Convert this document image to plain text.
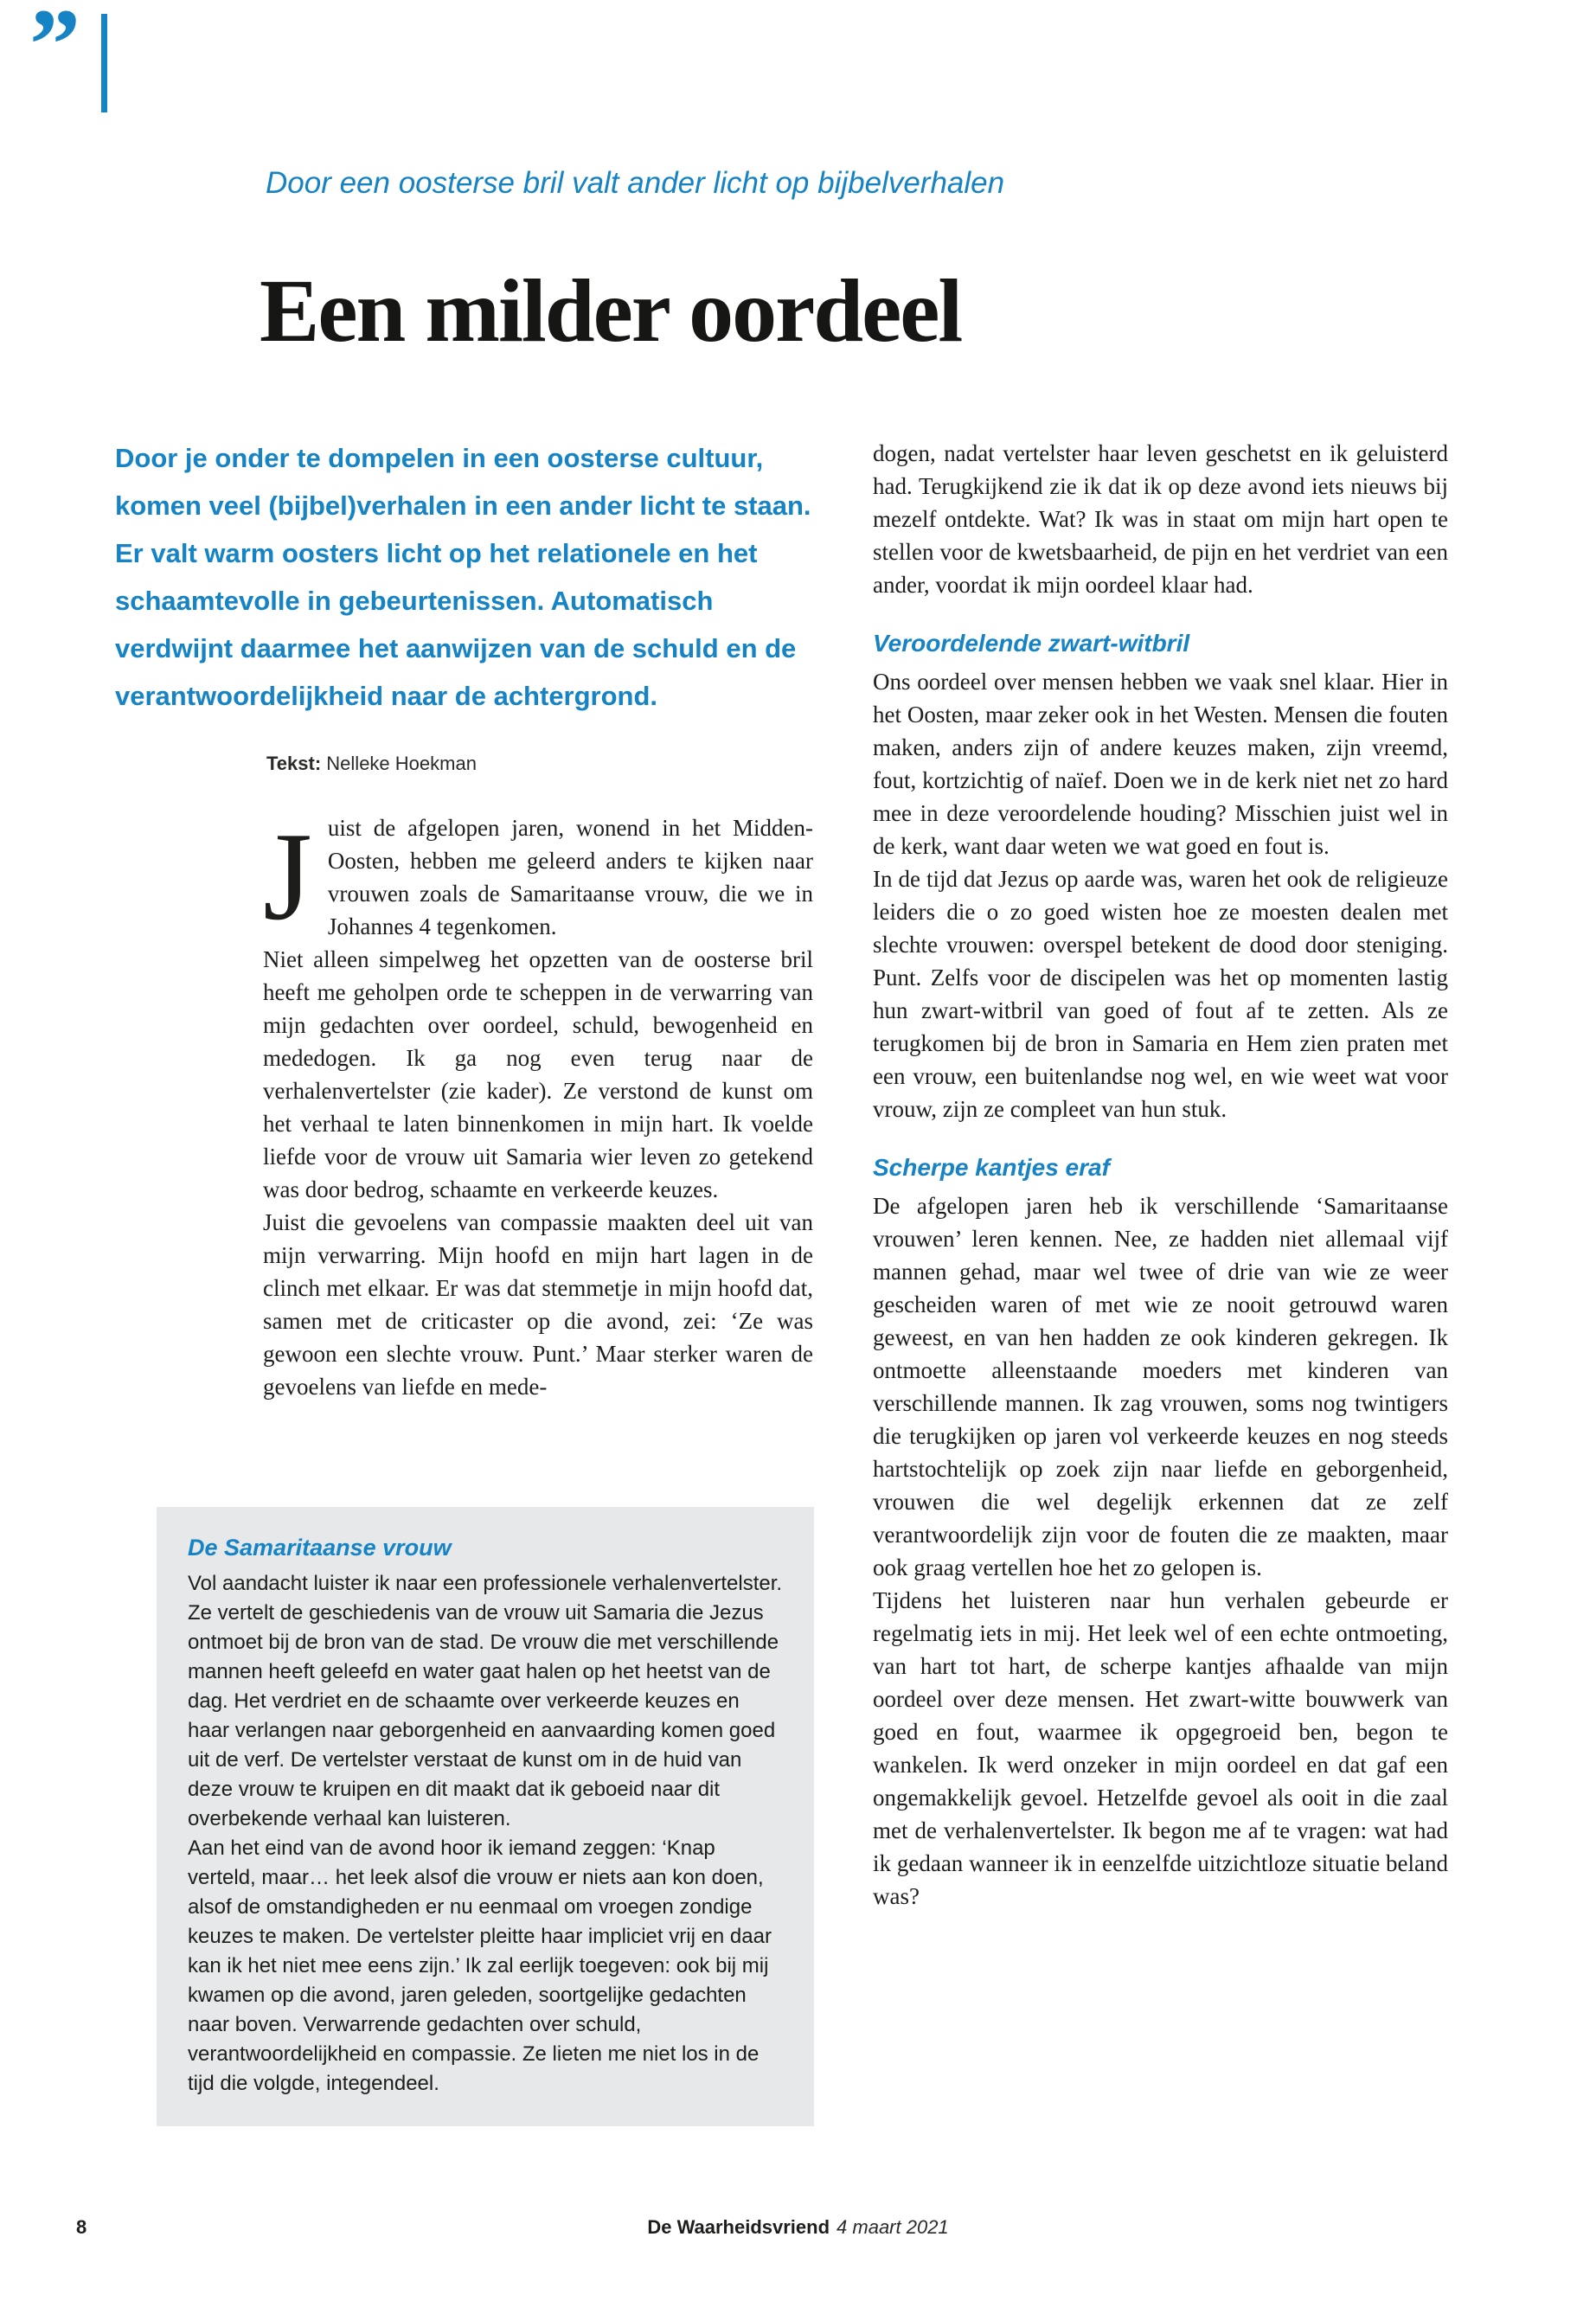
”
Door een oosterse bril valt ander licht op bijbelverhalen
Een milder oordeel

Door je onder te dompelen in een oosterse cultuur, komen veel (bijbel)verhalen in een ander licht te staan. Er valt warm oosters licht op het relationele en het schaamtevolle in gebeurtenissen. Automatisch verdwijnt daarmee het aanwijzen van de schuld en de verantwoordelijkheid naar de achtergrond.

Tekst: Nelleke Hoekman

Juist de afgelopen jaren, wonend in het Midden-Oosten, hebben me geleerd anders te kijken naar vrouwen zoals de Samaritaanse vrouw, die we in Johannes 4 tegenkomen.

Niet alleen simpelweg het opzetten van de oosterse bril heeft me geholpen orde te scheppen in de verwarring van mijn gedachten over oordeel, schuld, bewogenheid en mededogen. Ik ga nog even terug naar de verhalenvertelster (zie kader). Ze verstond de kunst om het verhaal te laten binnenkomen in mijn hart. Ik voelde liefde voor de vrouw uit Samaria wier leven zo getekend was door bedrog, schaamte en verkeerde keuzes.

Juist die gevoelens van compassie maakten deel uit van mijn verwarring. Mijn hoofd en mijn hart lagen in de clinch met elkaar. Er was dat stemmetje in mijn hoofd dat, samen met de criticaster op die avond, zei: ‘Ze was gewoon een slechte vrouw. Punt.’ Maar sterker waren de gevoelens van liefde en mede-

dogen, nadat vertelster haar leven geschetst en ik geluisterd had. Terugkijkend zie ik dat ik op deze avond iets nieuws bij mezelf ontdekte. Wat? Ik was in staat om mijn hart open te stellen voor de kwetsbaarheid, de pijn en het verdriet van een ander, voordat ik mijn oordeel klaar had.

Veroordelende zwart-witbril

Ons oordeel over mensen hebben we vaak snel klaar. Hier in het Oosten, maar zeker ook in het Westen. Mensen die fouten maken, anders zijn of andere keuzes maken, zijn vreemd, fout, kortzichtig of naïef. Doen we in de kerk niet net zo hard mee in deze veroordelende houding? Misschien juist wel in de kerk, want daar weten we wat goed en fout is.

In de tijd dat Jezus op aarde was, waren het ook de religieuze leiders die o zo goed wisten hoe ze moesten dealen met slechte vrouwen: overspel betekent de dood door steniging. Punt. Zelfs voor de discipelen was het op momenten lastig hun zwart-witbril van goed of fout af te zetten. Als ze terugkomen bij de bron in Samaria en Hem zien praten met een vrouw, een buitenlandse nog wel, en wie weet wat voor vrouw, zijn ze compleet van hun stuk.

Scherpe kantjes eraf

De afgelopen jaren heb ik verschillende ‘Samaritaanse vrouwen’ leren kennen. Nee, ze hadden niet allemaal vijf mannen gehad, maar wel twee of drie van wie ze weer gescheiden waren of met wie ze nooit getrouwd waren geweest, en van hen hadden ze ook kinderen gekregen. Ik ontmoette alleenstaande moeders met kinderen van verschillende mannen. Ik zag vrouwen, soms nog twintigers die terugkijken op jaren vol verkeerde keuzes en nog steeds hartstochtelijk op zoek zijn naar liefde en geborgenheid, vrouwen die wel degelijk erkennen dat ze zelf verantwoordelijk zijn voor de fouten die ze maakten, maar ook graag vertellen hoe het zo gelopen is.

Tijdens het luisteren naar hun verhalen gebeurde er regelmatig iets in mij. Het leek wel of een echte ontmoeting, van hart tot hart, de scherpe kantjes afhaalde van mijn oordeel over deze mensen. Het zwart-witte bouwwerk van goed en fout, waarmee ik opgegroeid ben, begon te wankelen. Ik werd onzeker in mijn oordeel en dat gaf een ongemakkelijk gevoel. Hetzelfde gevoel als ooit in die zaal met de verhalenvertelster. Ik begon me af te vragen: wat had ik gedaan wanneer ik in eenzelfde uitzichtloze situatie beland was?

De Samaritaanse vrouw

Vol aandacht luister ik naar een professionele verhalenvertelster. Ze vertelt de geschiedenis van de vrouw uit Samaria die Jezus ontmoet bij de bron van de stad. De vrouw die met verschillende mannen heeft geleefd en water gaat halen op het heetst van de dag. Het verdriet en de schaamte over verkeerde keuzes en haar verlangen naar geborgenheid en aanvaarding komen goed uit de verf. De vertelster verstaat de kunst om in de huid van deze vrouw te kruipen en dit maakt dat ik geboeid naar dit overbekende verhaal kan luisteren.

Aan het eind van de avond hoor ik iemand zeggen: ‘Knap verteld, maar… het leek alsof die vrouw er niets aan kon doen, alsof de omstandigheden er nu eenmaal om vroegen zondige keuzes te maken. De vertelster pleitte haar impliciet vrij en daar kan ik het niet mee eens zijn.’ Ik zal eerlijk toegeven: ook bij mij kwamen op die avond, jaren geleden, soortgelijke gedachten naar boven. Verwarrende gedachten over schuld, verantwoordelijkheid en compassie. Ze lieten me niet los in de tijd die volgde, integendeel.

8	De Waarheidsvriend 4 maart 2021
